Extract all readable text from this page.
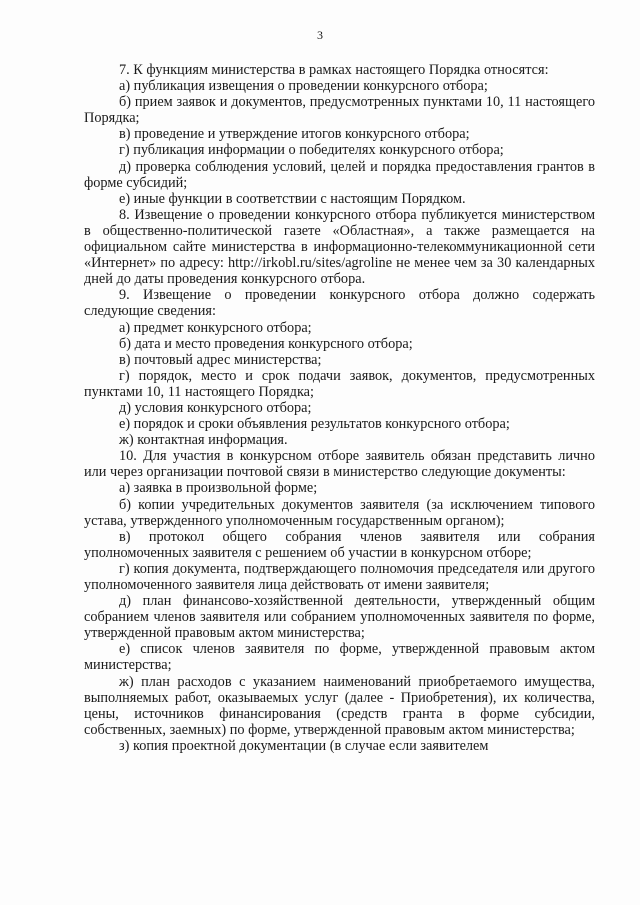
3

7. К функциям министерства в рамках настоящего Порядка относятся:

а) публикация извещения о проведении конкурсного отбора;

б) прием заявок и документов, предусмотренных пунктами 10, 11 настоящего Порядка;

в) проведение и утверждение итогов конкурсного отбора;

г) публикация информации о победителях конкурсного отбора;

д) проверка соблюдения условий, целей и порядка предоставления грантов в форме субсидий;

е) иные функции в соответствии с настоящим Порядком.

8. Извещение о проведении конкурсного отбора публикуется министерством в общественно-политической газете «Областная», а также размещается на официальном сайте министерства в информационно-телекоммуникационной сети «Интернет» по адресу: http://irkobl.ru/sites/agroline не менее чем за 30 календарных дней до даты проведения конкурсного отбора.

9. Извещение о проведении конкурсного отбора должно содержать следующие сведения:

а) предмет конкурсного отбора;

б) дата и место проведения конкурсного отбора;

в) почтовый адрес министерства;

г) порядок, место и срок подачи заявок, документов, предусмотренных пунктами 10, 11 настоящего Порядка;

д) условия конкурсного отбора;

е) порядок и сроки объявления результатов конкурсного отбора;

ж) контактная информация.

10. Для участия в конкурсном отборе заявитель обязан представить лично или через организации почтовой связи в министерство следующие документы:

а) заявка в произвольной форме;

б) копии учредительных документов заявителя (за исключением типового устава, утвержденного уполномоченным государственным органом);

в) протокол общего собрания членов заявителя или собрания уполномоченных заявителя с решением об участии в конкурсном отборе;

г) копия документа, подтверждающего полномочия председателя или другого уполномоченного заявителя лица действовать от имени заявителя;

д) план финансово-хозяйственной деятельности, утвержденный общим собранием членов заявителя или собранием уполномоченных заявителя по форме, утвержденной правовым актом министерства;

е) список членов заявителя по форме, утвержденной правовым актом министерства;

ж) план расходов с указанием наименований приобретаемого имущества, выполняемых работ, оказываемых услуг (далее - Приобретения), их количества, цены, источников финансирования (средств гранта в форме субсидии, собственных, заемных) по форме, утвержденной правовым актом министерства;

з) копия проектной документации (в случае если заявителем
